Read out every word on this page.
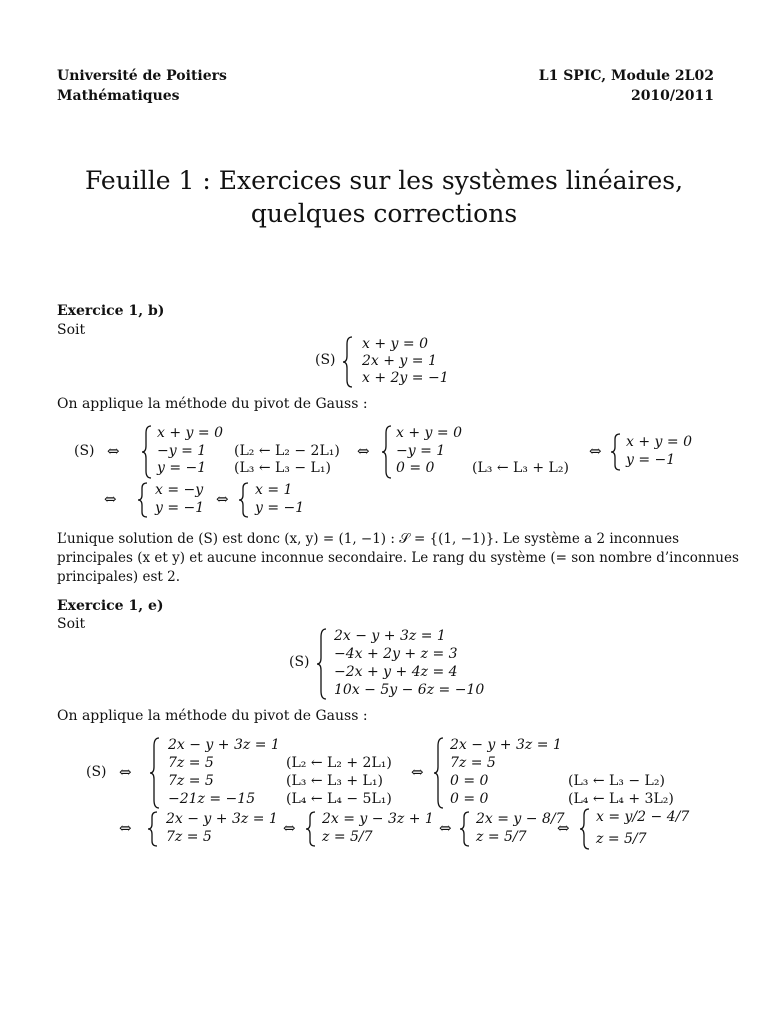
Université de Poitiers
Mathématiques
L1 SPIC, Module 2L02
2010/2011
Feuille 1 : Exercices sur les systèmes linéaires,
quelques corrections
Exercice 1, b)
Soit
(S)
x + y = 0
2x + y = 1
x + 2y = −1
On applique la méthode du pivot de Gauss :
(S) ⇔
x + y = 0
−y = 1
y = −1
(L₂ ← L₂ − 2L₁)
(L₃ ← L₃ − L₁)
⇔
x + y = 0
−y = 1
0 = 0	(L₃ ← L₃ + L₂)
⇔ x + y = 0
y = −1
⇔	x = −y
y = −1 ⇔ x = 1
y = −1
L’unique solution de (S) est donc (x, y) = (1, −1) : 𝒮 = {(1, −1)}. Le système a 2 inconnues
principales (x et y) et aucune inconnue secondaire. Le rang du système (= son nombre d’inconnues
principales) est 2.
Exercice 1, e)
Soit
(S)
2x − y + 3z = 1
−4x + 2y + z = 3
−2x + y + 4z = 4
10x − 5y − 6z = −10
On applique la méthode du pivot de Gauss :
(S) ⇔
2x − y + 3z = 1
7z = 5
7z = 5
−21z = −15
(L₂ ← L₂ + 2L₁)
(L₃ ← L₃ + L₁)
(L₄ ← L₄ − 5L₁)
⇔
2x − y + 3z = 1
7z = 5
0 = 0
0 = 0
(L₃ ← L₃ − L₂)
(L₄ ← L₄ + 3L₂)
⇔ 2x − y + 3z = 1
7z = 5	⇔ 2x = y − 3z + 1
z = 5/7	⇔ 2x = y − 8/7
z = 5/7 ⇔
x = y/2 − 4/7
z = 5/7
